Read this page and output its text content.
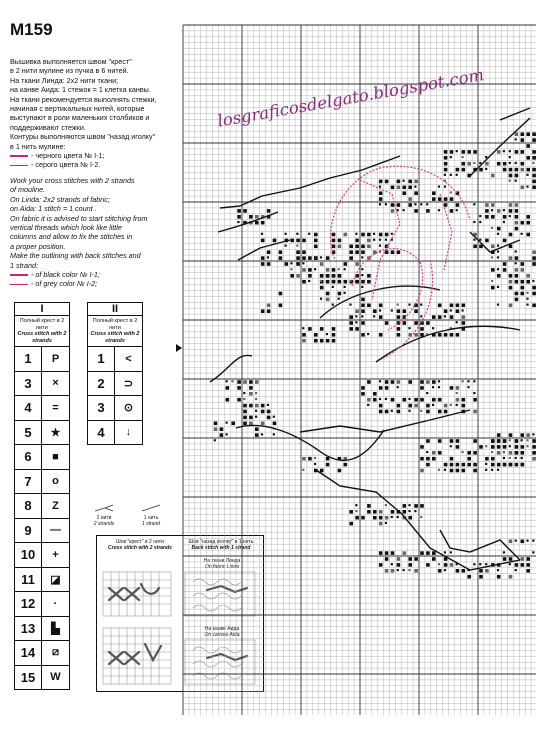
M159
Вышивка выполняется швом "крест"
в 2 нити мулине из пучка в 6 нитей.
На ткани Линда: 2х2 нити ткани;
на канве Аида: 1 стежок = 1 клетка канвы.
На ткани рекомендуется выполнять стежки,
начиная с вертикальных нитей, которые
выступают в роли маленьких столбиков и
поддерживают стежки.
Контуры выполняются швом "назад иголку"
в 1 нить мулине:
- черного цвета № I-1;
- серого цвета № I-2.
Work your cross stitches with 2 strands
of mouline.
On Linda: 2x2 strands of fabric;
on Aida: 1 stitch = 1 count .
On fabric it is advised to start stitching from
vertical threads which look like little
columns and allow to fix the stitches in
a proper position.
Make the outlining with back stitches and
1 strand:
- of black color № I-1;
- of grey color № I-2;
I
Полный крест в 2 нити
Cross stitch with 2 strands
1	P
3	×
4	=
5	★
6	■
7	o
8	Z
9	—
10	+
11	◪
12	·
13	▙
14	⧄
15	W
II
Полный крест в 2 нити
Cross stitch with 2 strands
1	<
2	⊃
3	⊙
4	↓
2 нити
2 strands
1 нить
1 strand
Шов "крест" в 2 нити
Cross stitch with 2 strands
Шов "назад иголку" в 1 нить
Back stitch with 1 strand
На ткани Линда
On fabric Linda
На канве Аида
On canvas Aida
losgraficosdelgato.blogspot.com
